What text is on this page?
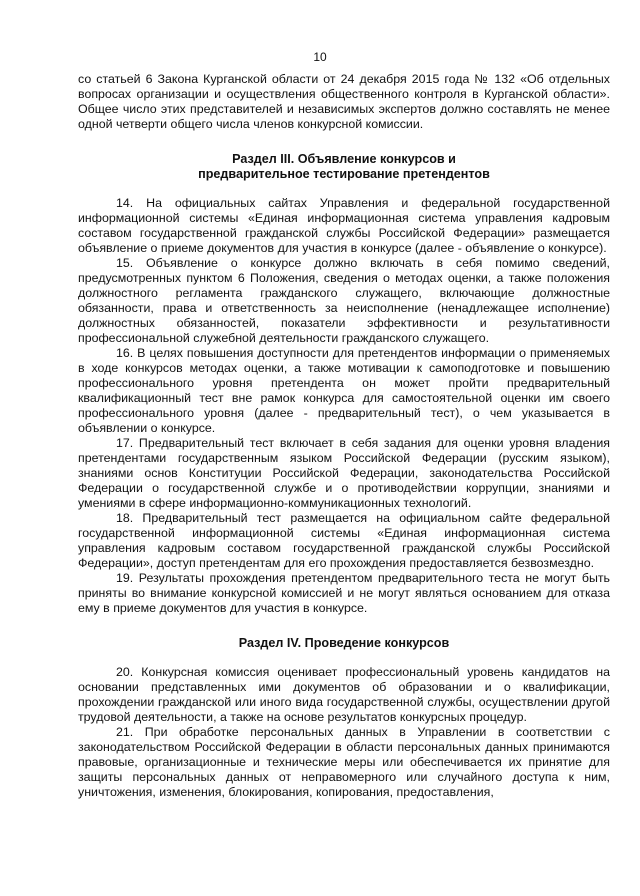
10

со статьей 6 Закона Курганской области от 24 декабря 2015 года № 132 «Об отдельных вопросах организации и осуществления общественного контроля в Курганской области». Общее число этих представителей и независимых экспертов должно составлять не менее одной четверти общего числа членов конкурсной комиссии.

Раздел III. Объявление конкурсов и
предварительное тестирование претендентов

14. На официальных сайтах Управления и федеральной государственной информационной системы «Единая информационная система управления кадровым составом государственной гражданской службы Российской Федерации» размещается объявление о приеме документов для участия в конкурсе (далее - объявление о конкурсе).

15. Объявление о конкурсе должно включать в себя помимо сведений, предусмотренных пунктом 6 Положения, сведения о методах оценки, а также положения должностного регламента гражданского служащего, включающие должностные обязанности, права и ответственность за неисполнение (ненадлежащее исполнение) должностных обязанностей, показатели эффективности и результативности профессиональной служебной деятельности гражданского служащего.

16. В целях повышения доступности для претендентов информации о применяемых в ходе конкурсов методах оценки, а также мотивации к самоподготовке и повышению профессионального уровня претендента он может пройти предварительный квалификационный тест вне рамок конкурса для самостоятельной оценки им своего профессионального уровня (далее - предварительный тест), о чем указывается в объявлении о конкурсе.

17. Предварительный тест включает в себя задания для оценки уровня владения претендентами государственным языком Российской Федерации (русским языком), знаниями основ Конституции Российской Федерации, законодательства Российской Федерации о государственной службе и о противодействии коррупции, знаниями и умениями в сфере информационно-коммуникационных технологий.

18. Предварительный тест размещается на официальном сайте федеральной государственной информационной системы «Единая информационная система управления кадровым составом государственной гражданской службы Российской Федерации», доступ претендентам для его прохождения предоставляется безвозмездно.

19. Результаты прохождения претендентом предварительного теста не могут быть приняты во внимание конкурсной комиссией и не могут являться основанием для отказа ему в приеме документов для участия в конкурсе.

Раздел IV. Проведение конкурсов

20. Конкурсная комиссия оценивает профессиональный уровень кандидатов на основании представленных ими документов об образовании и о квалификации, прохождении гражданской или иного вида государственной службы, осуществлении другой трудовой деятельности, а также на основе результатов конкурсных процедур.

21. При обработке персональных данных в Управлении в соответствии с законодательством Российской Федерации в области персональных данных принимаются правовые, организационные и технические меры или обеспечивается их принятие для защиты персональных данных от неправомерного или случайного доступа к ним, уничтожения, изменения, блокирования, копирования, предоставления,
